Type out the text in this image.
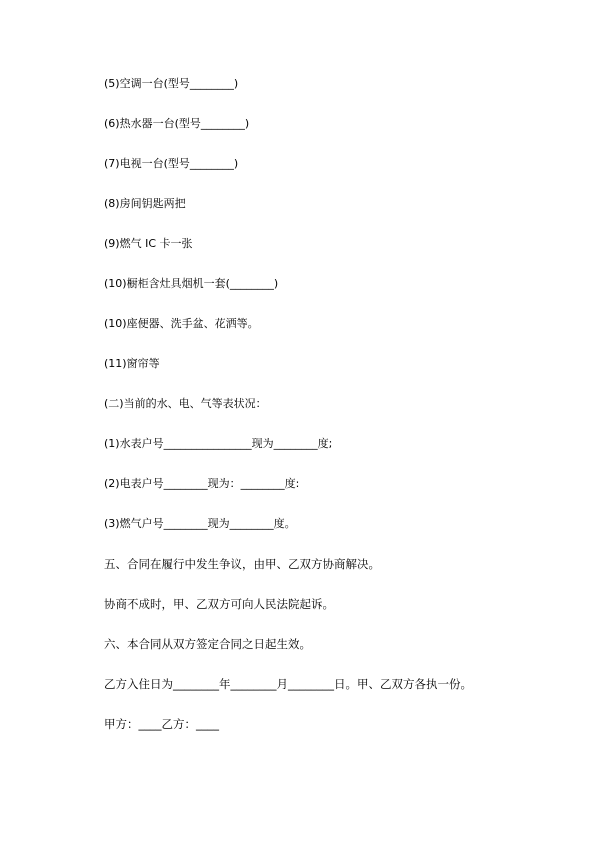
(5)空调一台(型号________)
(6)热水器一台(型号________)
(7)电视一台(型号________)
(8)房间钥匙两把
(9)燃气 IC 卡一张
(10)橱柜含灶具烟机一套(________)
(10)座便器、洗手盆、花洒等。
(11)窗帘等
(二)当前的水、电、气等表状况：
(1)水表户号________________现为________度;
(2)电表户号________现为：________度:
(3)燃气户号________现为________度。
五、合同在履行中发生争议，由甲、乙双方协商解决。
协商不成时，甲、乙双方可向人民法院起诉。
六、本合同从双方签定合同之日起生效。
乙方入住日为________年________月________日。甲、乙双方各执一份。
甲方：____乙方：____
